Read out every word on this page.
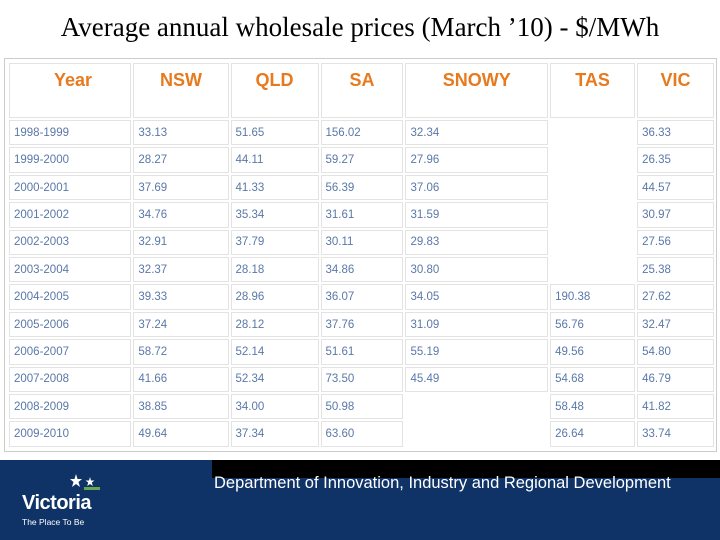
Average annual wholesale prices (March ’10) - $/MWh
Year	NSW	QLD	SA	SNOWY	TAS	VIC
1998-1999	33.13	51.65	156.02	32.34		36.33
1999-2000	28.27	44.11	59.27	27.96		26.35
2000-2001	37.69	41.33	56.39	37.06		44.57
2001-2002	34.76	35.34	31.61	31.59		30.97
2002-2003	32.91	37.79	30.11	29.83		27.56
2003-2004	32.37	28.18	34.86	30.80		25.38
2004-2005	39.33	28.96	36.07	34.05	190.38	27.62
2005-2006	37.24	28.12	37.76	31.09	56.76	32.47
2006-2007	58.72	52.14	51.61	55.19	49.56	54.80
2007-2008	41.66	52.34	73.50	45.49	54.68	46.79
2008-2009	38.85	34.00	50.98		58.48	41.82
2009-2010	49.64	37.34	63.60		26.64	33.74
Victoria
The Place To Be
Department of Innovation, Industry and Regional Development
